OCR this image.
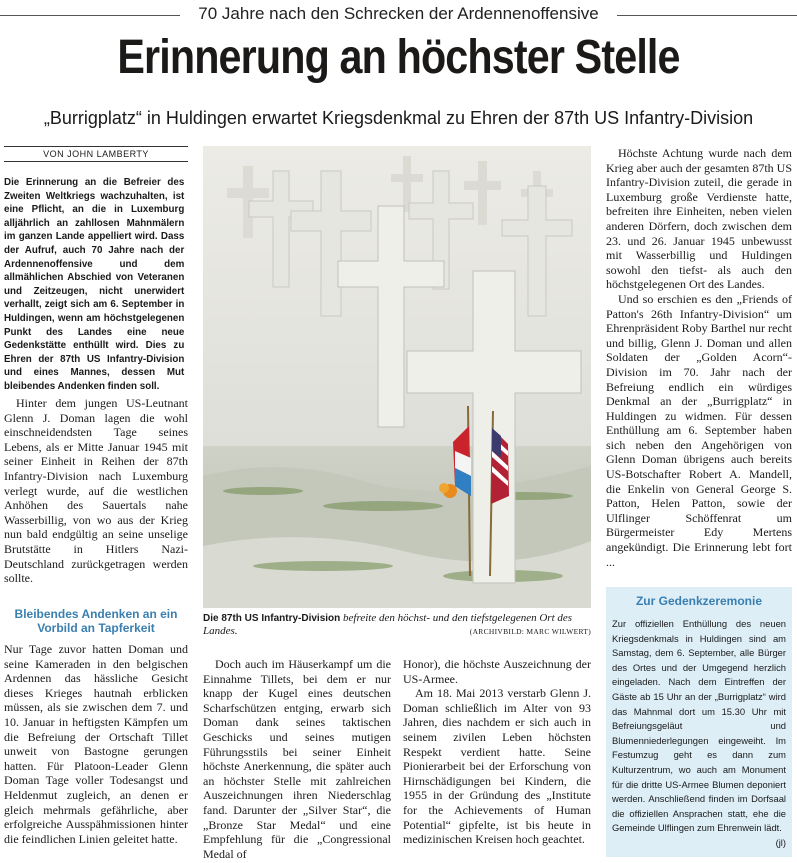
70 Jahre nach den Schrecken der Ardennenoffensive
Erinnerung an höchster Stelle
„Burrigplatz“ in Huldingen erwartet Kriegsdenkmal zu Ehren der 87th US Infantry-Division
VON JOHN LAMBERTY
Die Erinnerung an die Befreier des Zweiten Weltkriegs wachzuhalten, ist eine Pflicht, an die in Luxemburg alljährlich an zahllosen Mahnmälern im ganzen Lande appelliert wird. Dass der Aufruf, auch 70 Jahre nach der Ardennenoffensive und dem allmählichen Abschied von Veteranen und Zeitzeugen, nicht unerwidert verhallt, zeigt sich am 6. September in Huldingen, wenn am höchstgelegenen Punkt des Landes eine neue Gedenkstätte enthüllt wird. Dies zu Ehren der 87th US Infantry-Division und eines Mannes, dessen Mut bleibendes Andenken finden soll.

Hinter dem jungen US-Leutnant Glenn J. Doman lagen die wohl einschneidendsten Tage seines Lebens, als er Mitte Januar 1945 mit seiner Einheit in Reihen der 87th Infantry-Division nach Luxemburg verlegt wurde, auf die westlichen Anhöhen des Sauertals nahe Wasserbillig, von wo aus der Krieg nun bald endgültig an seine unselige Brutstätte in Hitlers Nazi-Deutschland zurückgetragen werden sollte.

Bleibendes Andenken an ein Vorbild an Tapferkeit

Nur Tage zuvor hatten Doman und seine Kameraden in den belgischen Ardennen das hässliche Gesicht dieses Krieges hautnah erblicken müssen, als sie zwischen dem 7. und 10. Januar in heftigsten Kämpfen um die Befreiung der Ortschaft Tillet unweit von Bastogne gerungen hatten. Für Platoon-Leader Glenn Doman Tage voller Todesangst und Heldenmut zugleich, an denen er gleich mehrmals gefährliche, aber erfolgreiche Ausspähmissionen hinter die feindlichen Linien geleitet hatte.

Die 87th US Infantry-Division befreite den höchst- und den tiefstgelegenen Ort des Landes.	(ARCHIVBILD: MARC WILWERT)

Doch auch im Häuserkampf um die Einnahme Tillets, bei dem er nur knapp der Kugel eines deutschen Scharfschützen entging, erwarb sich Doman dank seines taktischen Geschicks und seines mutigen Führungsstils bei seiner Einheit höchste Anerkennung, die später auch an höchster Stelle mit zahlreichen Auszeichnungen ihren Niederschlag fand. Darunter der „Silver Star“, die „Bronze Star Medal“ und eine Empfehlung für die „Congressional Medal of

Honor), die höchste Auszeichnung der US-Armee.

Am 18. Mai 2013 verstarb Glenn J. Doman schließlich im Alter von 93 Jahren, dies nachdem er sich auch in seinem zivilen Leben höchsten Respekt verdient hatte. Seine Pionierarbeit bei der Erforschung von Hirnschädigungen bei Kindern, die 1955 in der Gründung des „Institute for the Achievements of Human Potential“ gipfelte, ist bis heute in medizinischen Kreisen hoch geachtet.

Höchste Achtung wurde nach dem Krieg aber auch der gesamten 87th US Infantry-Division zuteil, die gerade in Luxemburg große Verdienste hatte, befreiten ihre Einheiten, neben vielen anderen Dörfern, doch zwischen dem 23. und 26. Januar 1945 unbewusst mit Wasserbillig und Huldingen sowohl den tiefst- als auch den höchstgelegenen Ort des Landes.

Und so erschien es den „Friends of Patton's 26th Infantry-Division“ um Ehrenpräsident Roby Barthel nur recht und billig, Glenn J. Doman und allen Soldaten der „Golden Acorn“-Division im 70. Jahr nach der Befreiung endlich ein würdiges Denkmal an der „Burrigplatz“ in Huldingen zu widmen. Für dessen Enthüllung am 6. September haben sich neben den Angehörigen von Glenn Doman übrigens auch bereits US-Botschafter Robert A. Mandell, die Enkelin von General George S. Patton, Helen Patton, sowie der Ulflinger Schöffenrat um Bürgermeister Edy Mertens angekündigt. Die Erinnerung lebt fort ...

Zur Gedenkzeremonie
Zur offiziellen Enthüllung des neuen Kriegsdenkmals in Huldingen sind am Samstag, dem 6. September, alle Bürger des Ortes und der Umgegend herzlich eingeladen. Nach dem Eintreffen der Gäste ab 15 Uhr an der „Burrigplatz“ wird das Mahnmal dort um 15.30 Uhr mit Befreiungsgeläut und Blumenniederlegungen eingeweiht. Im Festumzug geht es dann zum Kulturzentrum, wo auch am Monument für die dritte US-Armee Blumen deponiert werden. Anschließend finden im Dorfsaal die offiziellen Ansprachen statt, ehe die Gemeinde Ulflingen zum Ehrenwein lädt.
(jl)
